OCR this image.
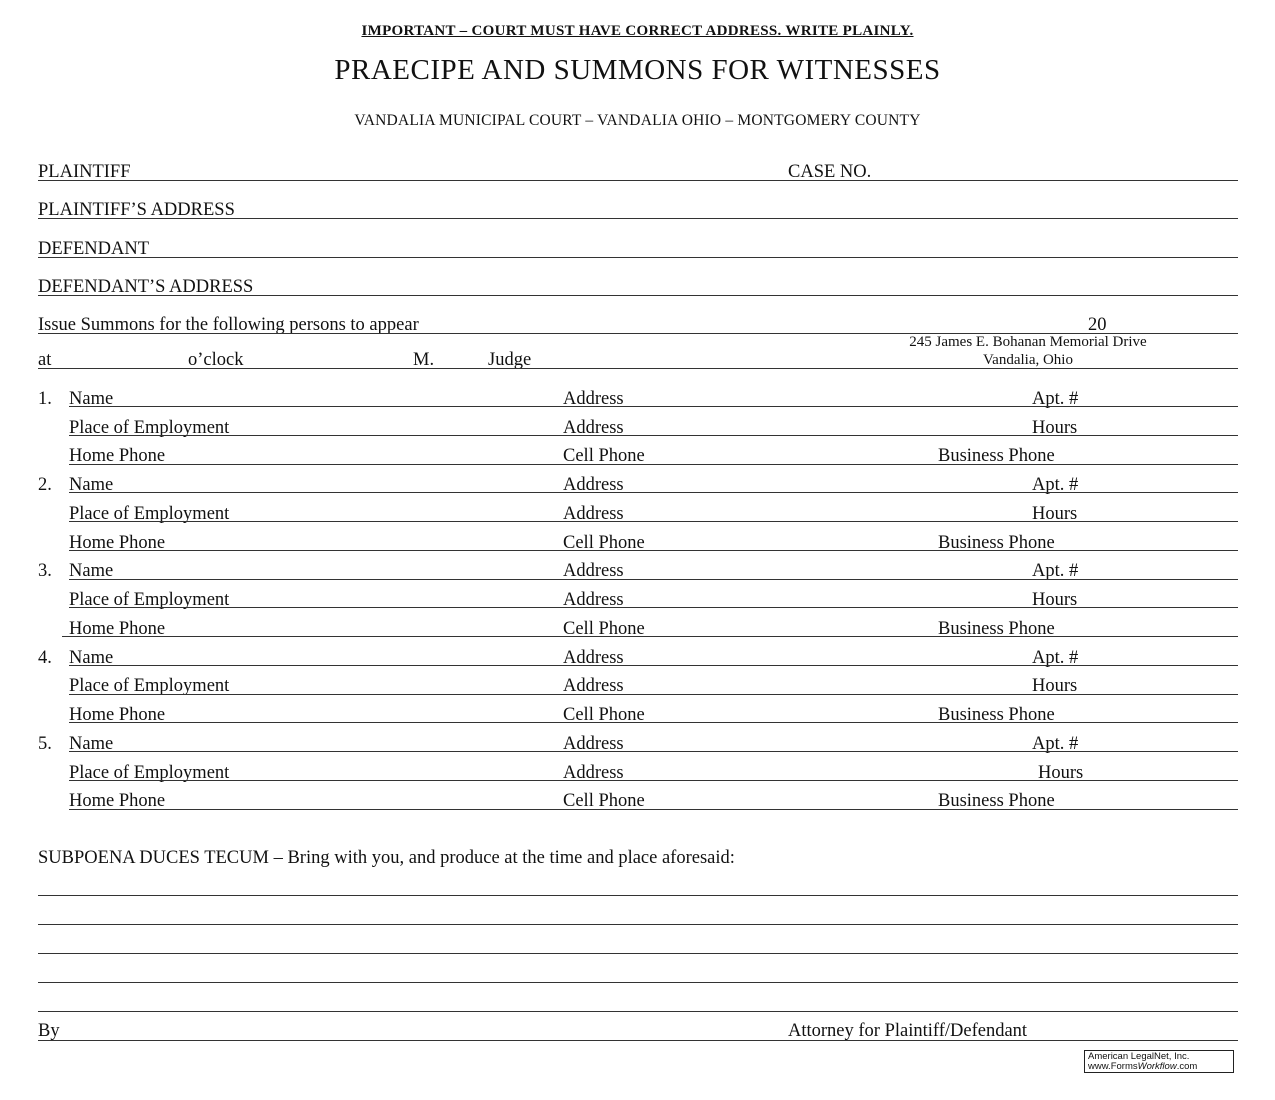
IMPORTANT – COURT MUST HAVE CORRECT ADDRESS. WRITE PLAINLY.
PRAECIPE AND SUMMONS FOR WITNESSES
VANDALIA MUNICIPAL COURT – VANDALIA OHIO – MONTGOMERY COUNTY
PLAINTIFF	CASE NO.
PLAINTIFF’S ADDRESS
DEFENDANT
DEFENDANT’S ADDRESS
Issue Summons for the following persons to appear	20
at	o’clock	M.	Judge
245 James E. Bohanan Memorial Drive
Vandalia, Ohio
1. Name	Address	Apt. #
Place of Employment	Address	Hours
Home Phone	Cell Phone	Business Phone
2. Name	Address	Apt. #
Place of Employment	Address	Hours
Home Phone	Cell Phone	Business Phone
3. Name	Address	Apt. #
Place of Employment	Address	Hours
Home Phone	Cell Phone	Business Phone
4. Name	Address	Apt. #
Place of Employment	Address	Hours
Home Phone	Cell Phone	Business Phone
5. Name	Address	Apt. #
Place of Employment	Address	Hours
Home Phone	Cell Phone	Business Phone
SUBPOENA DUCES TECUM – Bring with you, and produce at the time and place aforesaid:
By	Attorney for Plaintiff/Defendant
American LegalNet, Inc.
www.FormsWorkflow.com
